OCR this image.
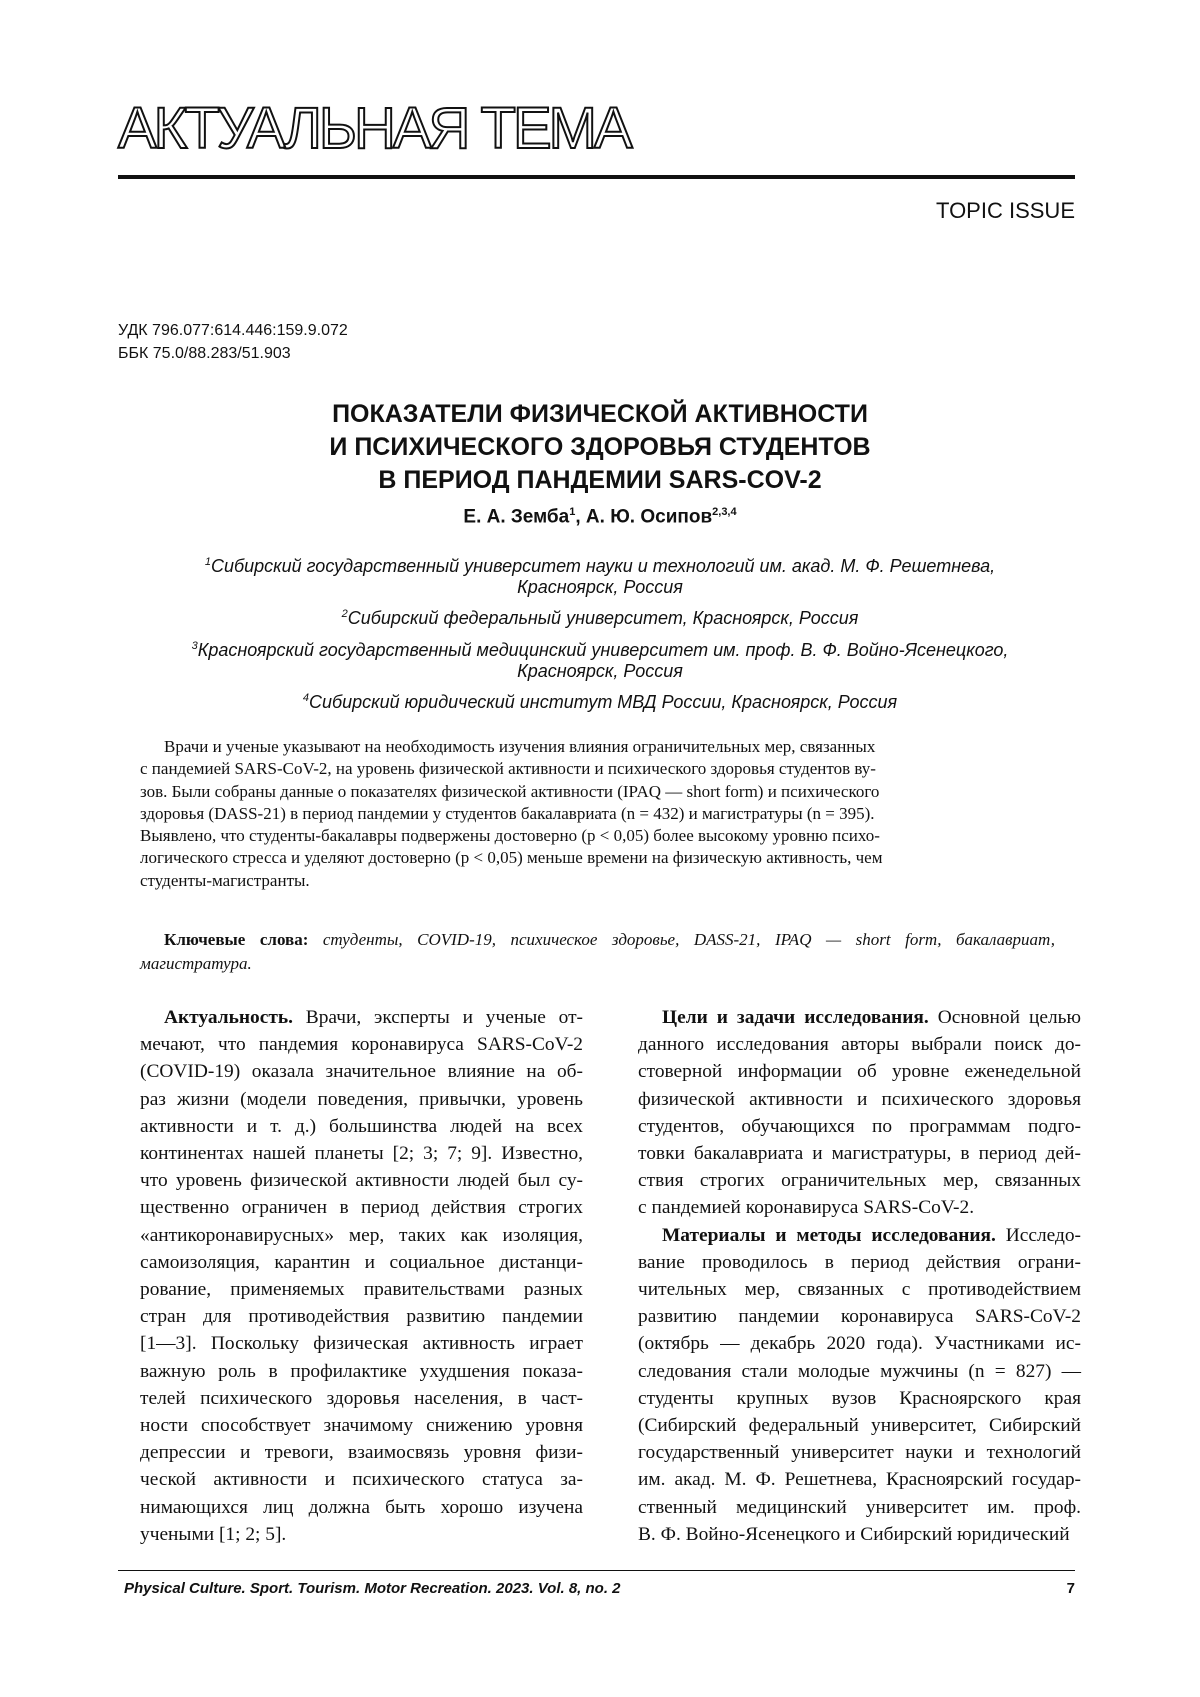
АКТУАЛЬНАЯ ТЕМА
TOPIC ISSUE
УДК 796.077:614.446:159.9.072
ББК 75.0/88.283/51.903
ПОКАЗАТЕЛИ ФИЗИЧЕСКОЙ АКТИВНОСТИ
И ПСИХИЧЕСКОГО ЗДОРОВЬЯ СТУДЕНТОВ
В ПЕРИОД ПАНДЕМИИ SARS-COV-2
Е. А. Земба$^1$, А. Ю. Осипов$^{2,3,4}$
$^1$Сибирский государственный университет науки и технологий им. акад. М. Ф. Решетнева,
Красноярск, Россия
$^2$Сибирский федеральный университет, Красноярск, Россия
$^3$Красноярский государственный медицинский университет им. проф. В. Ф. Войно-Ясенецкого,
Красноярск, Россия
$^4$Сибирский юридический институт МВД России, Красноярск, Россия

Врачи и ученые указывают на необходимость изучения влияния ограничительных мер, связанных
с пандемией SARS-CoV-2, на уровень физической активности и психического здоровья студентов ву-
зов. Были собраны данные о показателях физической активности (IPAQ — short form) и психического
здоровья (DASS-21) в период пандемии у студентов бакалавриата (n = 432) и магистратуры (n = 395).
Выявлено, что студенты-бакалавры подвержены достоверно (p < 0,05) более высокому уровню психо-
логического стресса и уделяют достоверно (p < 0,05) меньше времени на физическую активность, чем
студенты-магистранты.

Ключевые слова: студенты, COVID-19, психическое здоровье, DASS-21, IPAQ — short form, бакалавриат, магистратура.

Актуальность. Врачи, эксперты и ученые от-
мечают, что пандемия коронавируса SARS-CoV-2
(COVID-19) оказала значительное влияние на об-
раз жизни (модели поведения, привычки, уровень
активности и т. д.) большинства людей на всех
континентах нашей планеты [2; 3; 7; 9]. Известно,
что уровень физической активности людей был су-
щественно ограничен в период действия строгих
«антикоронавирусных» мер, таких как изоляция,
самоизоляция, карантин и социальное дистанци-
рование, применяемых правительствами разных
стран для противодействия развитию пандемии
[1—3]. Поскольку физическая активность играет
важную роль в профилактике ухудшения показа-
телей психического здоровья населения, в част-
ности способствует значимому снижению уровня
депрессии и тревоги, взаимосвязь уровня физи-
ческой активности и психического статуса за-
нимающихся лиц должна быть хорошо изучена
учеными [1; 2; 5].
Цели и задачи исследования. Основной целью
данного исследования авторы выбрали поиск до-
стоверной информации об уровне еженедельной
физической активности и психического здоровья
студентов, обучающихся по программам подго-
товки бакалавриата и магистратуры, в период дей-
ствия строгих ограничительных мер, связанных
с пандемией коронавируса SARS-CoV-2.
Материалы и методы исследования. Исследо-
вание проводилось в период действия ограни-
чительных мер, связанных с противодействием
развитию пандемии коронавируса SARS-CoV-2
(октябрь — декабрь 2020 года). Участниками ис-
следования стали молодые мужчины (n = 827) —
студенты крупных вузов Красноярского края
(Сибирский федеральный университет, Сибирский
государственный университет науки и технологий
им. акад. М. Ф. Решетнева, Красноярский государ-
ственный медицинский университет им. проф.
В. Ф. Войно-Ясенецкого и Сибирский юридический
Physical Culture. Sport. Tourism. Motor Recreation. 2023. Vol. 8, no. 2	7
